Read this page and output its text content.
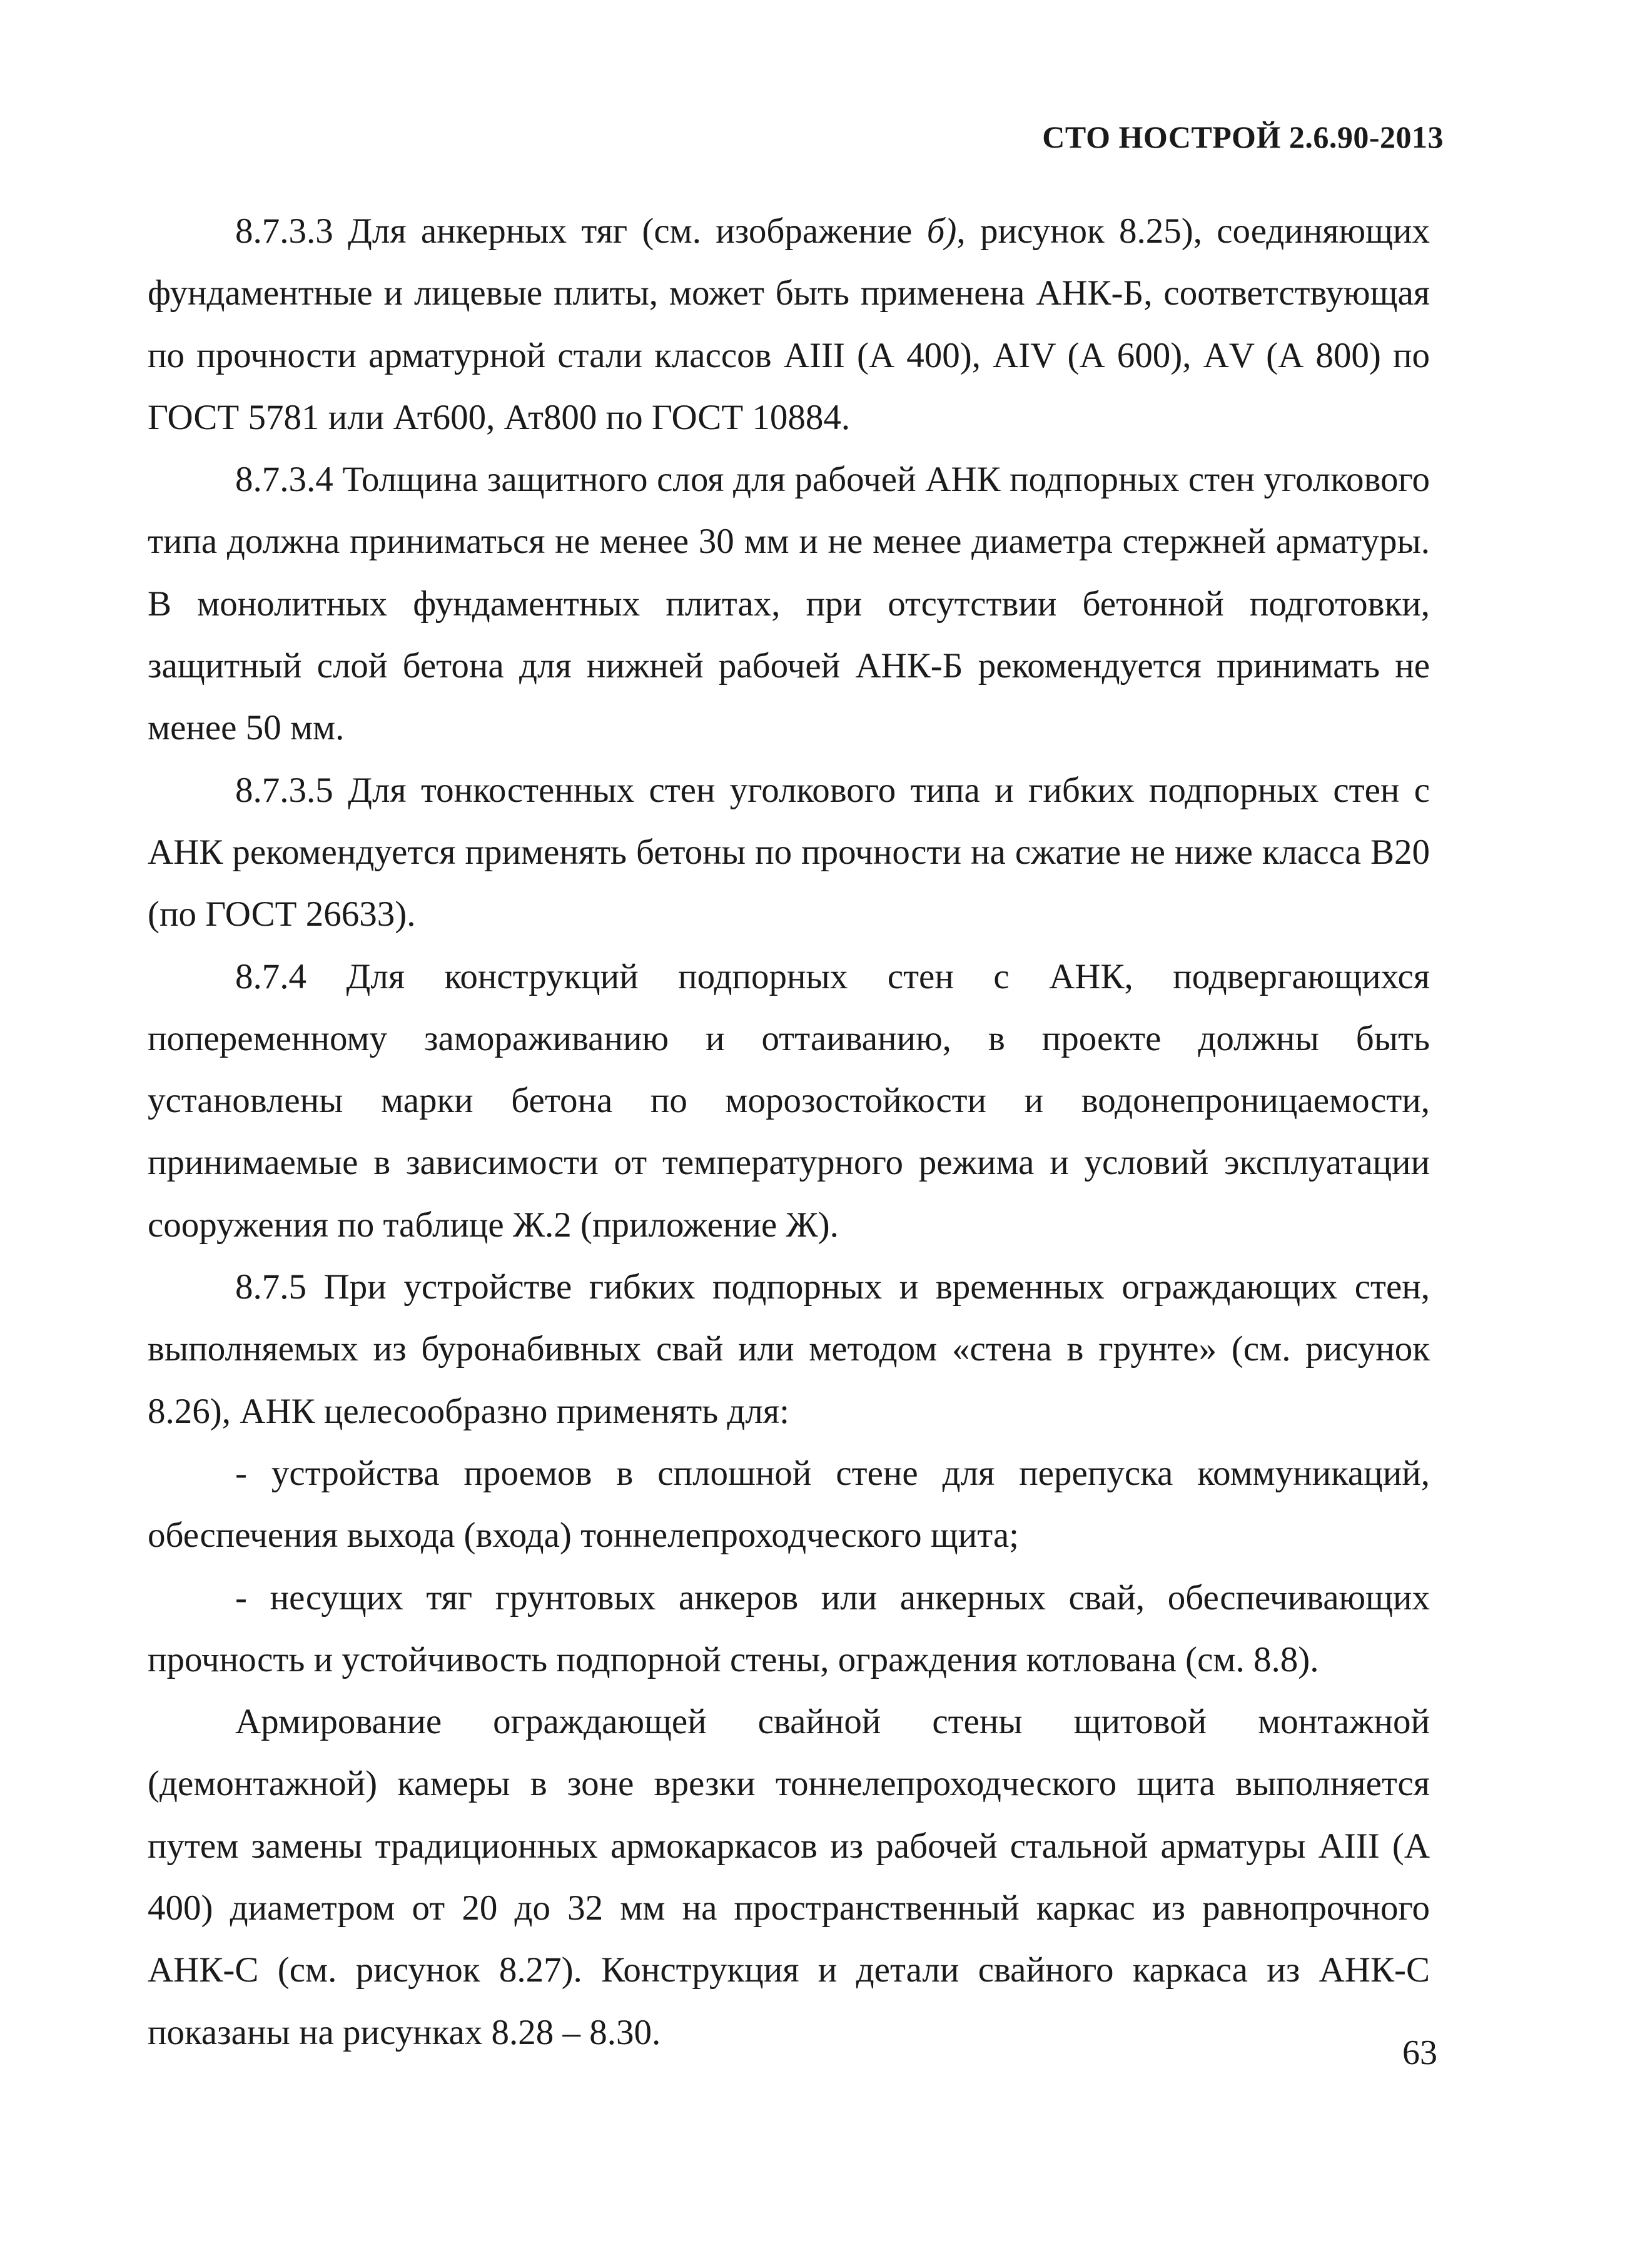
СТО НОСТРОЙ 2.6.90-2013

8.7.3.3 Для анкерных тяг (см. изображение б), рисунок 8.25), соединяющих фундаментные и лицевые плиты, может быть применена АНК-Б, соответствующая по прочности арматурной стали классов АIII (А 400), АIV (А 600), АV (А 800) по ГОСТ 5781 или Ат600, Ат800 по ГОСТ 10884.

8.7.3.4 Толщина защитного слоя для рабочей АНК подпорных стен уголкового типа должна приниматься не менее 30 мм и не менее диаметра стержней арматуры. В монолитных фундаментных плитах, при отсутствии бетонной подготовки, защитный слой бетона для нижней рабочей АНК-Б рекомендуется принимать не менее 50 мм.

8.7.3.5 Для тонкостенных стен уголкового типа и гибких подпорных стен с АНК рекомендуется применять бетоны по прочности на сжатие не ниже класса В20 (по ГОСТ 26633).

8.7.4 Для конструкций подпорных стен с АНК, подвергающихся попеременному замораживанию и оттаиванию, в проекте должны быть установлены марки бетона по морозостойкости и водонепроницаемости, принимаемые в зависимости от температурного режима и условий эксплуатации сооружения по таблице Ж.2 (приложение Ж).

8.7.5 При устройстве гибких подпорных и временных ограждающих стен, выполняемых из буронабивных свай или методом «стена в грунте» (см. рисунок 8.26), АНК целесообразно применять для:

- устройства проемов в сплошной стене для перепуска коммуникаций, обеспечения выхода (входа) тоннелепроходческого щита;

- несущих тяг грунтовых анкеров или анкерных свай, обеспечивающих прочность и устойчивость подпорной стены, ограждения котлована (см. 8.8).

Армирование ограждающей свайной стены щитовой монтажной (демонтажной) камеры в зоне врезки тоннелепроходческого щита выполняется путем замены традиционных армокаркасов из рабочей стальной арматуры АIII (А 400) диаметром от 20 до 32 мм на пространственный каркас из равнопрочного АНК-С (см. рисунок 8.27). Конструкция и детали свайного каркаса из АНК-С показаны на рисунках 8.28 – 8.30.

63
